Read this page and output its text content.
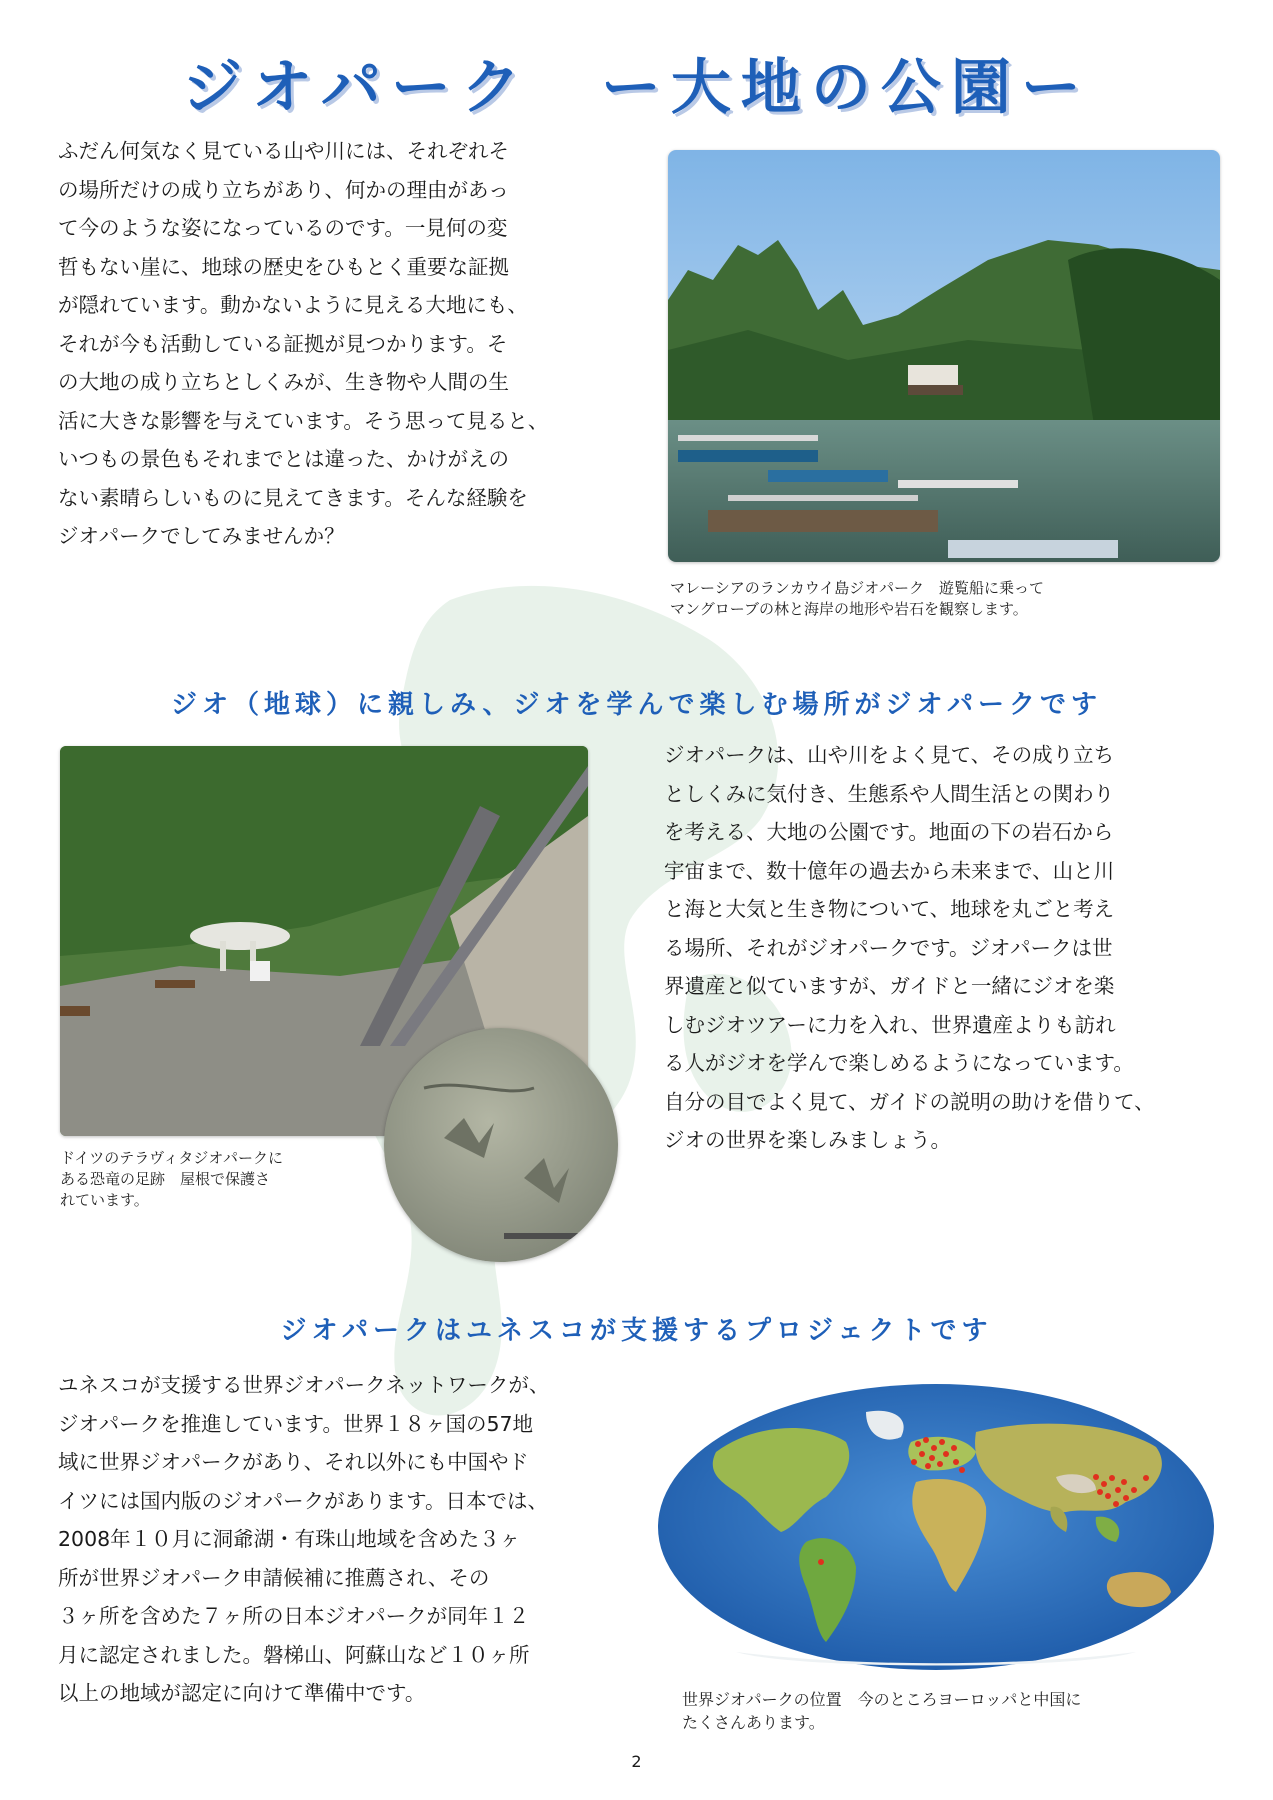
ジオパーク　ー大地の公園ー

ふだん何気なく見ている山や川には、それぞれそ
の場所だけの成り立ちがあり、何かの理由があっ
て今のような姿になっているのです。一見何の変
哲もない崖に、地球の歴史をひもとく重要な証拠
が隠れています。動かないように見える大地にも、
それが今も活動している証拠が見つかります。そ
の大地の成り立ちとしくみが、生き物や人間の生
活に大きな影響を与えています。そう思って見ると、
いつもの景色もそれまでとは違った、かけがえの
ない素晴らしいものに見えてきます。そんな経験を
ジオパークでしてみませんか？

マレーシアのランカウイ島ジオパーク　遊覧船に乗って
マングローブの林と海岸の地形や岩石を観察します。

ジオ（地球）に親しみ、ジオを学んで楽しむ場所がジオパークです

ドイツのテラヴィタジオパークに
ある恐竜の足跡　屋根で保護さ
れています。

ジオパークは、山や川をよく見て、その成り立ち
としくみに気付き、生態系や人間生活との関わり
を考える、大地の公園です。地面の下の岩石から
宇宙まで、数十億年の過去から未来まで、山と川
と海と大気と生き物について、地球を丸ごと考え
る場所、それがジオパークです。ジオパークは世
界遺産と似ていますが、ガイドと一緒にジオを楽
しむジオツアーに力を入れ、世界遺産よりも訪れ
る人がジオを学んで楽しめるようになっています。
自分の目でよく見て、ガイドの説明の助けを借りて、
ジオの世界を楽しみましょう。

ジオパークはユネスコが支援するプロジェクトです

ユネスコが支援する世界ジオパークネットワークが、
ジオパークを推進しています。世界１８ヶ国の57地
域に世界ジオパークがあり、それ以外にも中国やド
イツには国内版のジオパークがあります。日本では、
2008年１０月に洞爺湖・有珠山地域を含めた３ヶ
所が世界ジオパーク申請候補に推薦され、その
３ヶ所を含めた７ヶ所の日本ジオパークが同年１２
月に認定されました。磐梯山、阿蘇山など１０ヶ所
以上の地域が認定に向けて準備中です。	世界ジオパークの位置　今のところヨーロッパと中国に
たくさんあります。

2
